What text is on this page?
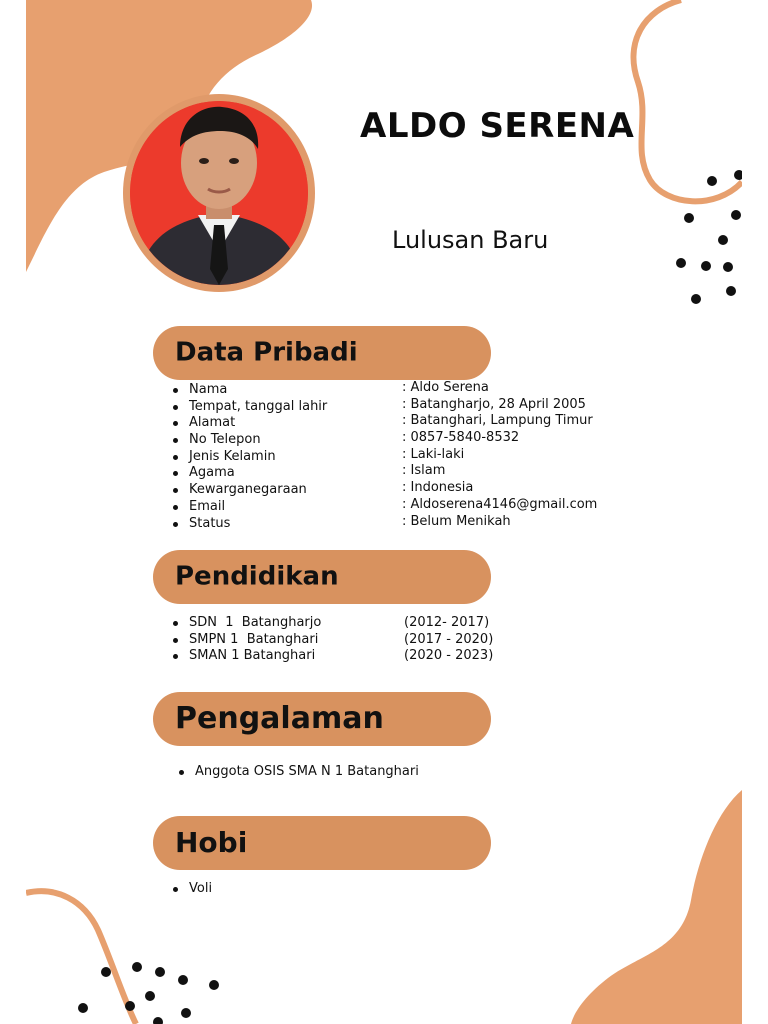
ALDO SERENA
Lulusan Baru
Data Pribadi
Nama
Tempat, tanggal lahir
Alamat
No Telepon
Jenis Kelamin
Agama
Kewarganegaraan
Email
Status
: Aldo Serena
: Batangharjo, 28 April 2005
: Batanghari, Lampung Timur
: 0857-5840-8532
: Laki-laki
: Islam
: Indonesia
: Aldoserena4146@gmail.com
: Belum Menikah
Pendidikan
SDN  1  Batangharjo
SMPN 1  Batanghari
SMAN 1 Batanghari
(2012- 2017)
(2017 - 2020)
(2020 - 2023)
Pengalaman
Anggota OSIS SMA N 1 Batanghari
Hobi
Voli
